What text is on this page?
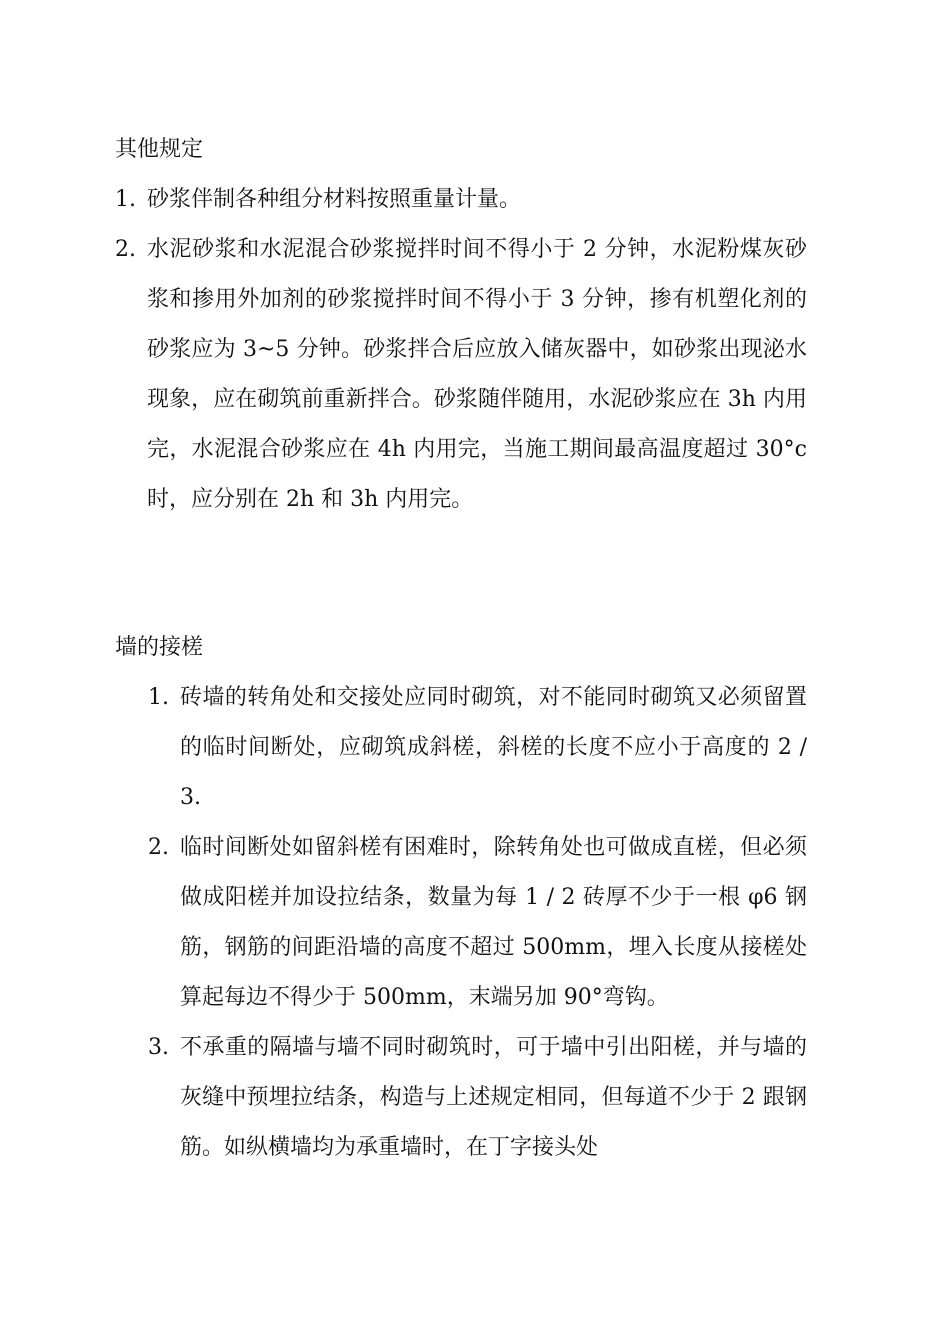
其他规定
1. 砂浆伴制各种组分材料按照重量计量。
2. 水泥砂浆和水泥混合砂浆搅拌时间不得小于 2 分钟，水泥粉煤灰砂浆和掺用外加剂的砂浆搅拌时间不得小于 3 分钟，掺有机塑化剂的砂浆应为 3~5 分钟。砂浆拌合后应放入储灰器中，如砂浆出现泌水现象，应在砌筑前重新拌合。砂浆随伴随用，水泥砂浆应在 3h 内用完，水泥混合砂浆应在 4h 内用完，当施工期间最高温度超过 30°c 时，应分别在 2h 和 3h 内用完。
墙的接槎
1. 砖墙的转角处和交接处应同时砌筑，对不能同时砌筑又必须留置的临时间断处，应砌筑成斜槎，斜槎的长度不应小于高度的 2 / 3.
2. 临时间断处如留斜槎有困难时，除转角处也可做成直槎，但必须做成阳槎并加设拉结条，数量为每 1 / 2 砖厚不少于一根 φ6 钢筋，钢筋的间距沿墙的高度不超过 500mm，埋入长度从接槎处算起每边不得少于 500mm，末端另加 90°弯钩。
3. 不承重的隔墙与墙不同时砌筑时，可于墙中引出阳槎，并与墙的灰缝中预埋拉结条，构造与上述规定相同，但每道不少于 2 跟钢筋。如纵横墙均为承重墙时，在丁字接头处
